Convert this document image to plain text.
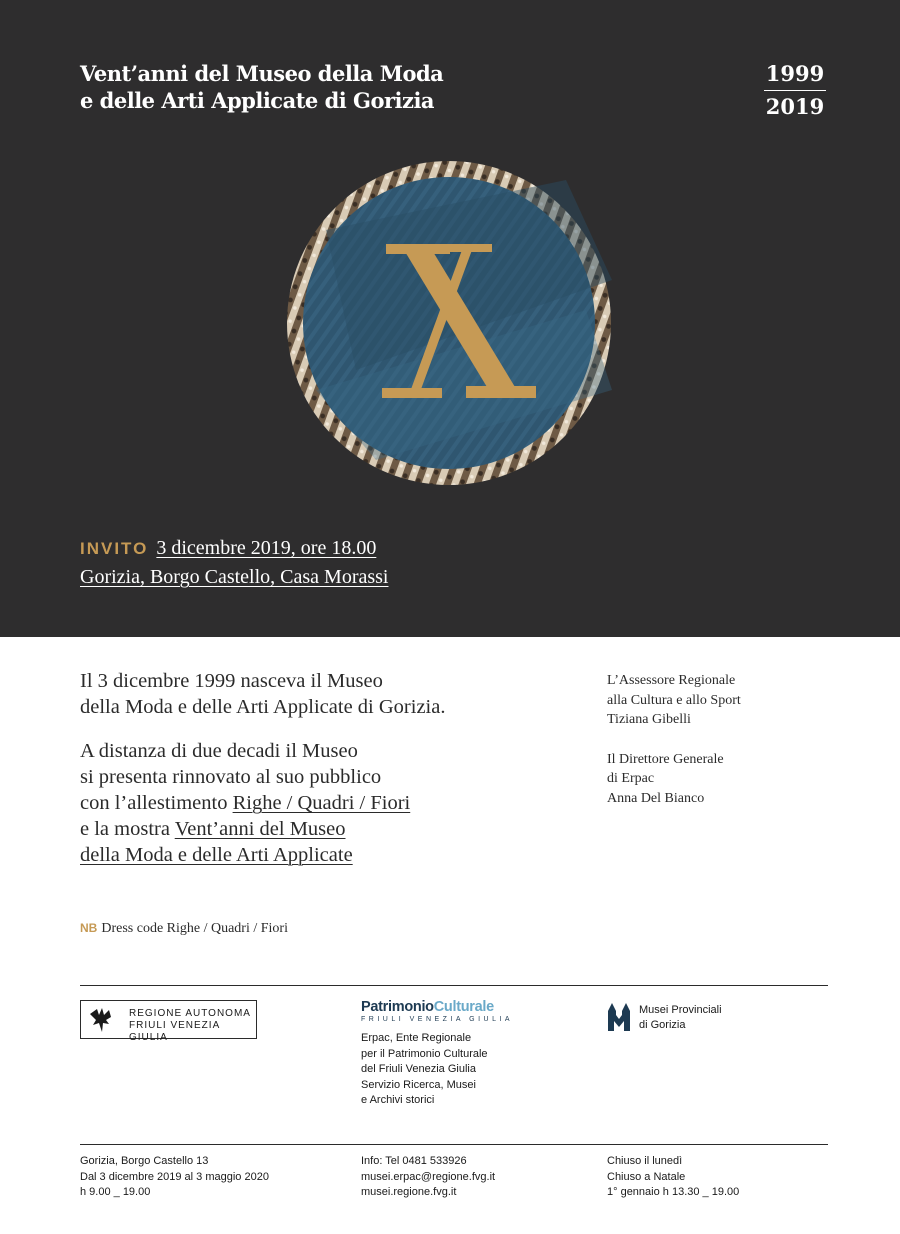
Vent’anni del Museo della Moda
e delle Arti Applicate di Gorizia
1999
2019
INVITO 3 dicembre 2019, ore 18.00
Gorizia, Borgo Castello, Casa Morassi

Il 3 dicembre 1999 nasceva il Museo
della Moda e delle Arti Applicate di Gorizia.

A distanza di due decadi il Museo
si presenta rinnovato al suo pubblico
con l’allestimento Righe / Quadri / Fiori
e la mostra Vent’anni del Museo
della Moda e delle Arti Applicate

L’Assessore Regionale
alla Cultura e allo Sport
Tiziana Gibelli
Il Direttore Generale
di Erpac
Anna Del Bianco
NB Dress code Righe / Quadri / Fiori
REGIONE AUTONOMA
FRIULI VENEZIA GIULIA
PatrimonioCulturale
FRIULI VENEZIA GIULIA
Erpac, Ente Regionale
per il Patrimonio Culturale
del Friuli Venezia Giulia
Servizio Ricerca, Musei
e Archivi storici
Musei Provinciali
di Gorizia
Gorizia, Borgo Castello 13
Dal 3 dicembre 2019 al 3 maggio 2020
h 9.00 _ 19.00
Info: Tel 0481 533926
musei.erpac@regione.fvg.it
musei.regione.fvg.it
Chiuso il lunedì
Chiuso a Natale
1° gennaio h 13.30 _ 19.00
